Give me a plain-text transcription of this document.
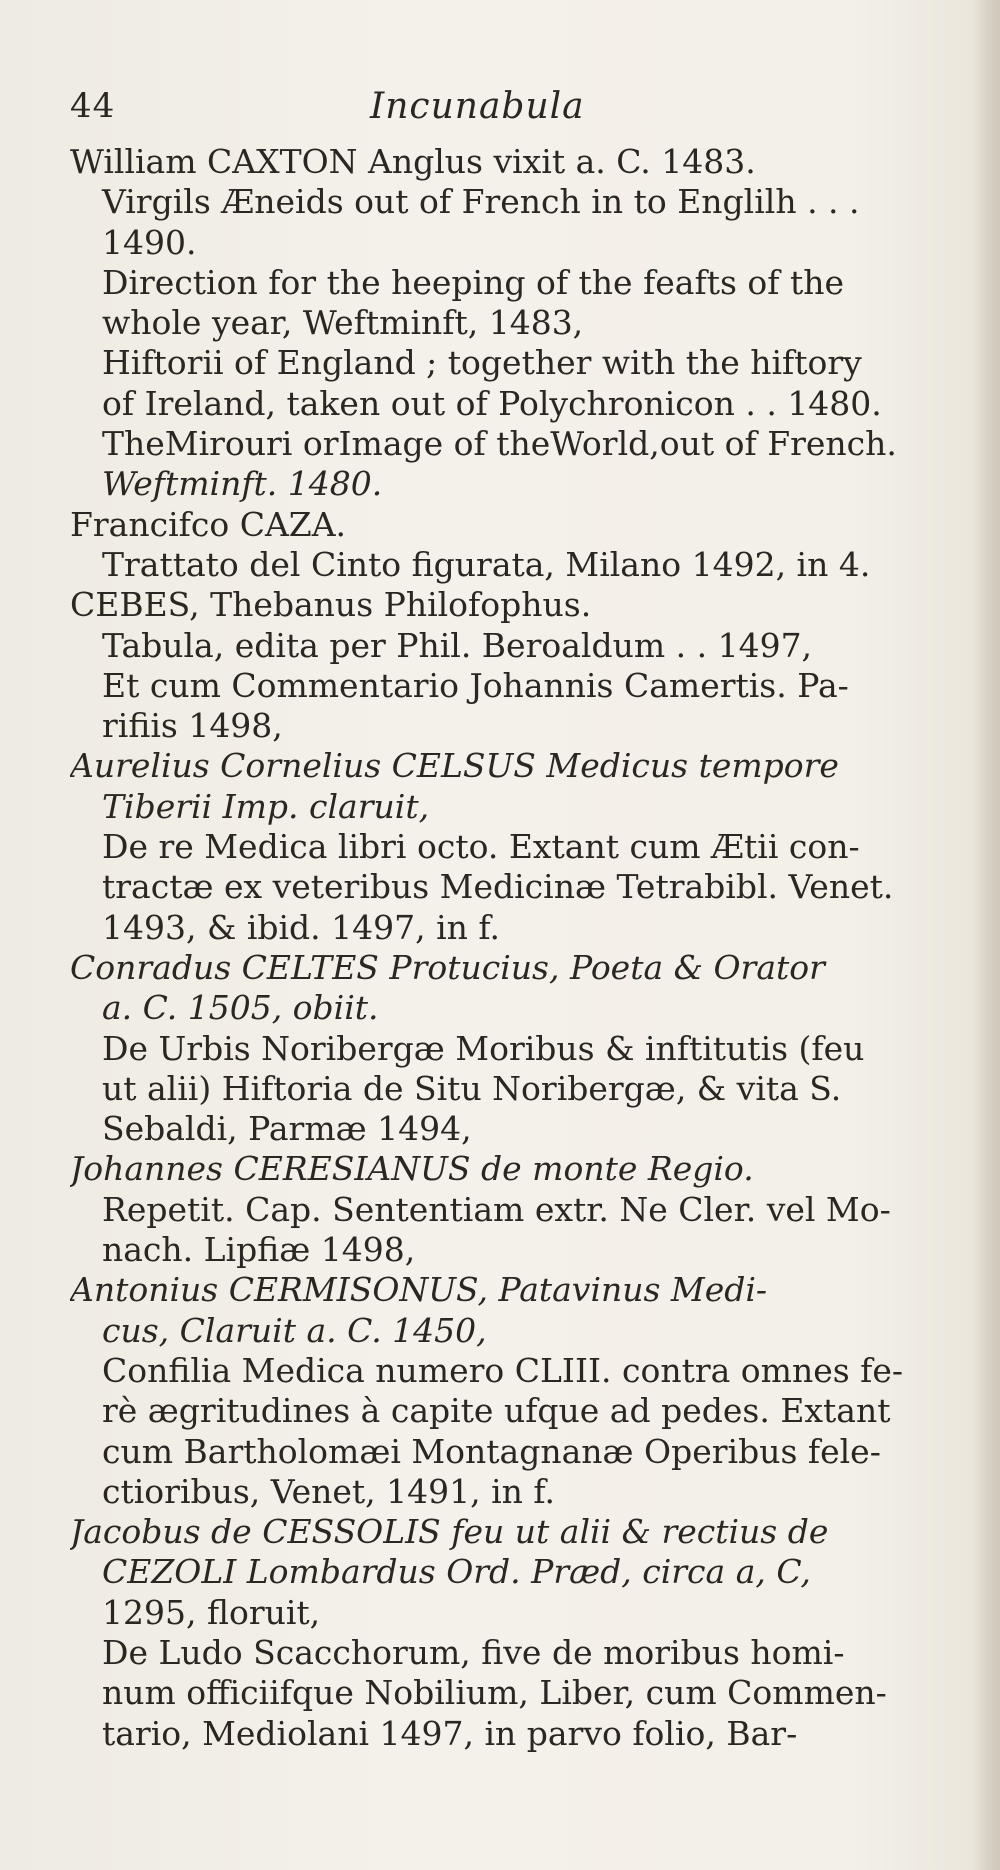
44	Incunabula
William CAXTON Anglus vixit a. C. 1483.
Virgils Æneids out of French in to Englilh . . .
1490.
Direction for the heeping of the feafts of the
whole year, Weftminft, 1483,
Hiftorii of England ; together with the hiftory
of Ireland, taken out of Polychronicon . . 1480.
TheMirouri orImage of theWorld,out of French.
Weftminft. 1480.
Francifco CAZA.
Trattato del Cinto figurata, Milano 1492, in 4.
CEBES, Thebanus Philofophus.
Tabula, edita per Phil. Beroaldum . . 1497,
Et cum Commentario Johannis Camertis. Pa-
rifiis 1498,
Aurelius Cornelius CELSUS Medicus tempore
Tiberii Imp. claruit,
De re Medica libri octo. Extant cum Ætii con-
tractæ ex veteribus Medicinæ Tetrabibl. Venet.
1493, & ibid. 1497, in f.
Conradus CELTES Protucius, Poeta & Orator
a. C. 1505, obiit.
De Urbis Noribergæ Moribus & inftitutis (feu
ut alii) Hiftoria de Situ Noribergæ, & vita S.
Sebaldi, Parmæ 1494,
Johannes CERESIANUS de monte Regio.
Repetit. Cap. Sententiam extr. Ne Cler. vel Mo-
nach. Lipfiæ 1498,
Antonius CERMISONUS, Patavinus Medi-
cus, Claruit a. C. 1450,
Confilia Medica numero CLIII. contra omnes fe-
rè ægritudines à capite ufque ad pedes. Extant
cum Bartholomæi Montagnanæ Operibus fele-
ctioribus, Venet, 1491, in f.
Jacobus de CESSOLIS feu ut alii & rectius de
CEZOLI Lombardus Ord. Præd, circa a, C,
1295, floruit,
De Ludo Scacchorum, five de moribus homi-
num officiifque Nobilium, Liber, cum Commen-
tario, Mediolani 1497, in parvo folio, Bar-
